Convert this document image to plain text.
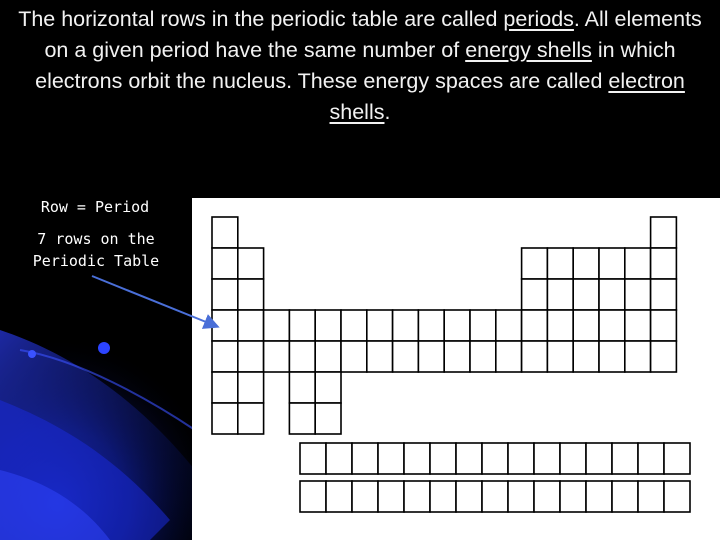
The horizontal rows in the periodic table are called periods. All elements on a given period have the same number of energy shells in which electrons orbit the nucleus. These energy spaces are called electron shells.

Row = Period
7 rows on the Periodic Table
